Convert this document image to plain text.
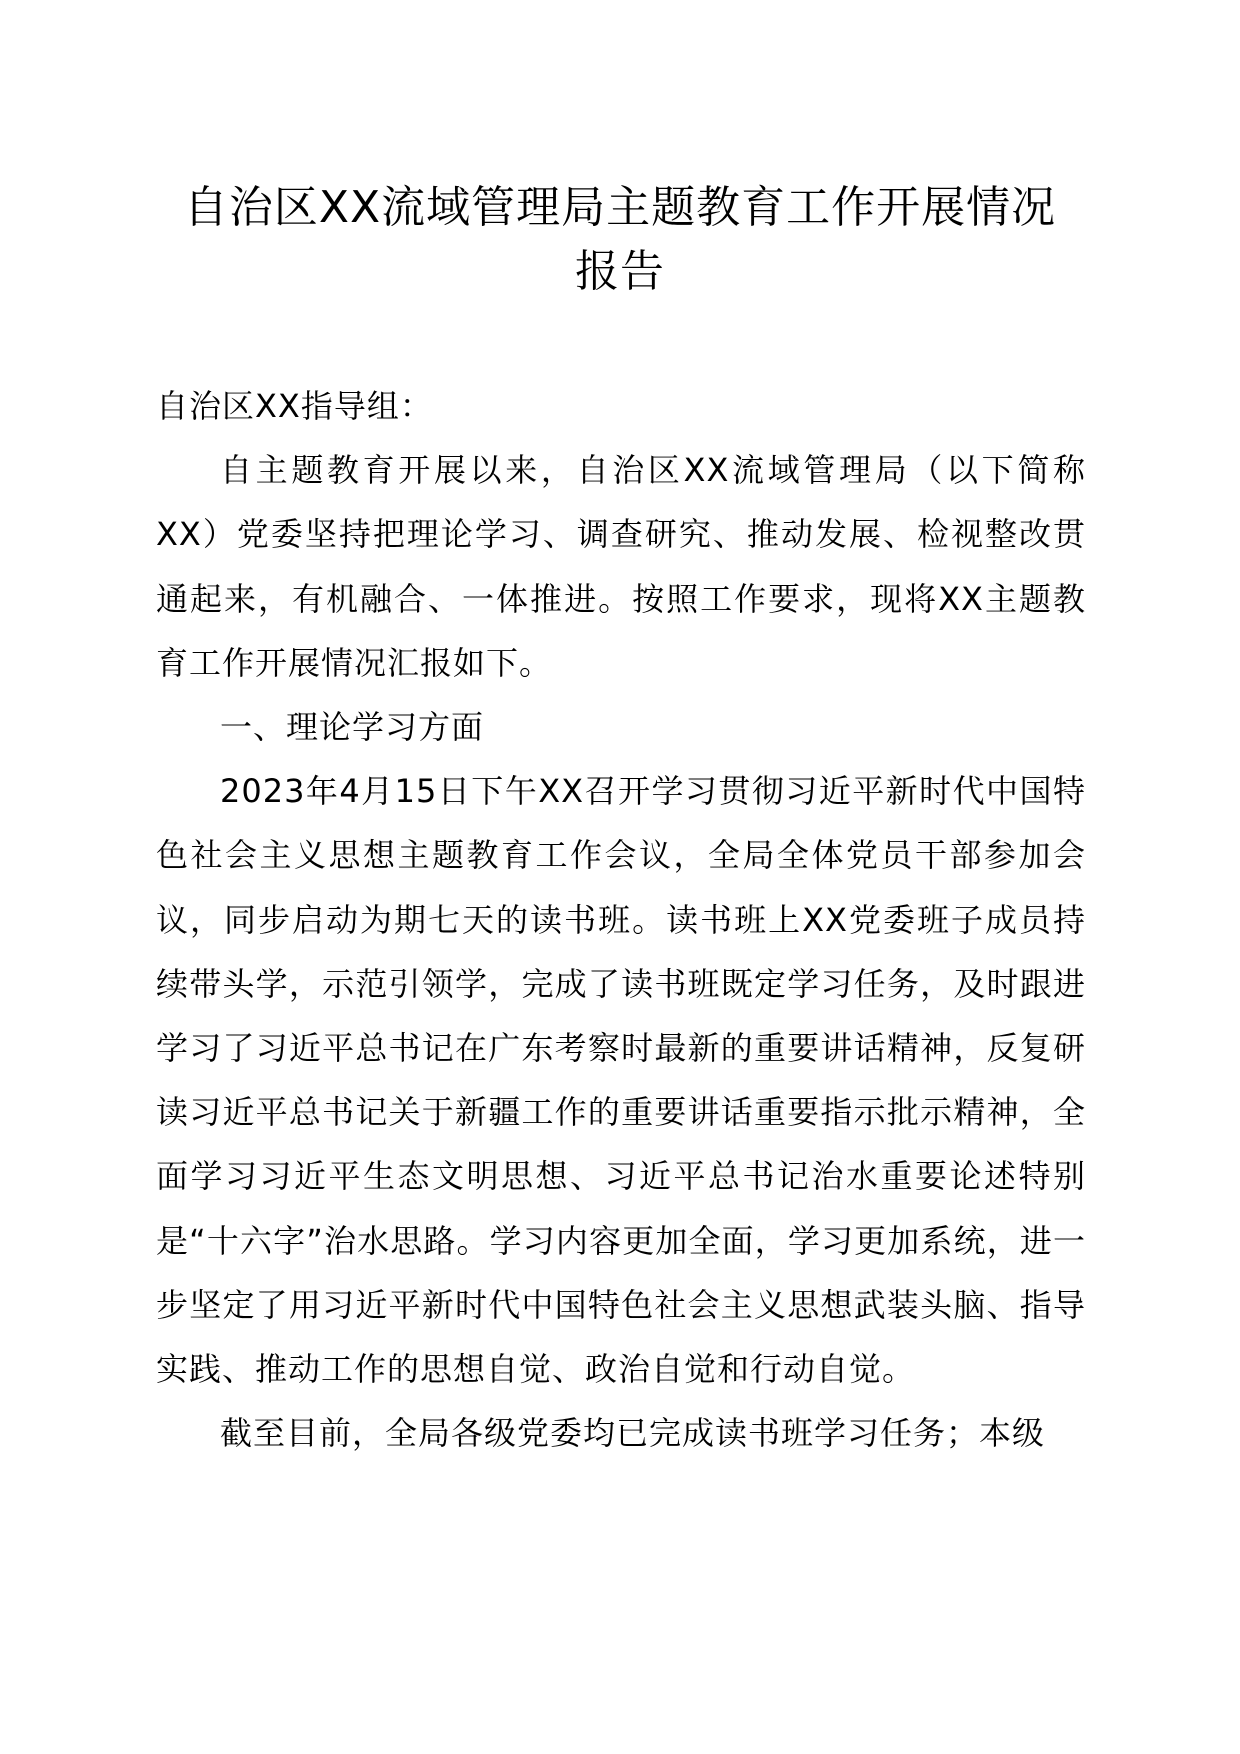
自治区XX流域管理局主题教育工作开展情况
报告

自治区XX指导组：

自主题教育开展以来，自治区XX流域管理局（以下简称XX）党委坚持把理论学习、调查研究、推动发展、检视整改贯通起来，有机融合、一体推进。按照工作要求，现将XX主题教育工作开展情况汇报如下。

一、理论学习方面

2023年4月15日下午XX召开学习贯彻习近平新时代中国特色社会主义思想主题教育工作会议，全局全体党员干部参加会议，同步启动为期七天的读书班。读书班上XX党委班子成员持续带头学，示范引领学，完成了读书班既定学习任务，及时跟进学习了习近平总书记在广东考察时最新的重要讲话精神，反复研读习近平总书记关于新疆工作的重要讲话重要指示批示精神，全面学习习近平生态文明思想、习近平总书记治水重要论述特别是“十六字”治水思路。学习内容更加全面，学习更加系统，进一步坚定了用习近平新时代中国特色社会主义思想武装头脑、指导实践、推动工作的思想自觉、政治自觉和行动自觉。

截至目前，全局各级党委均已完成读书班学习任务；本级
